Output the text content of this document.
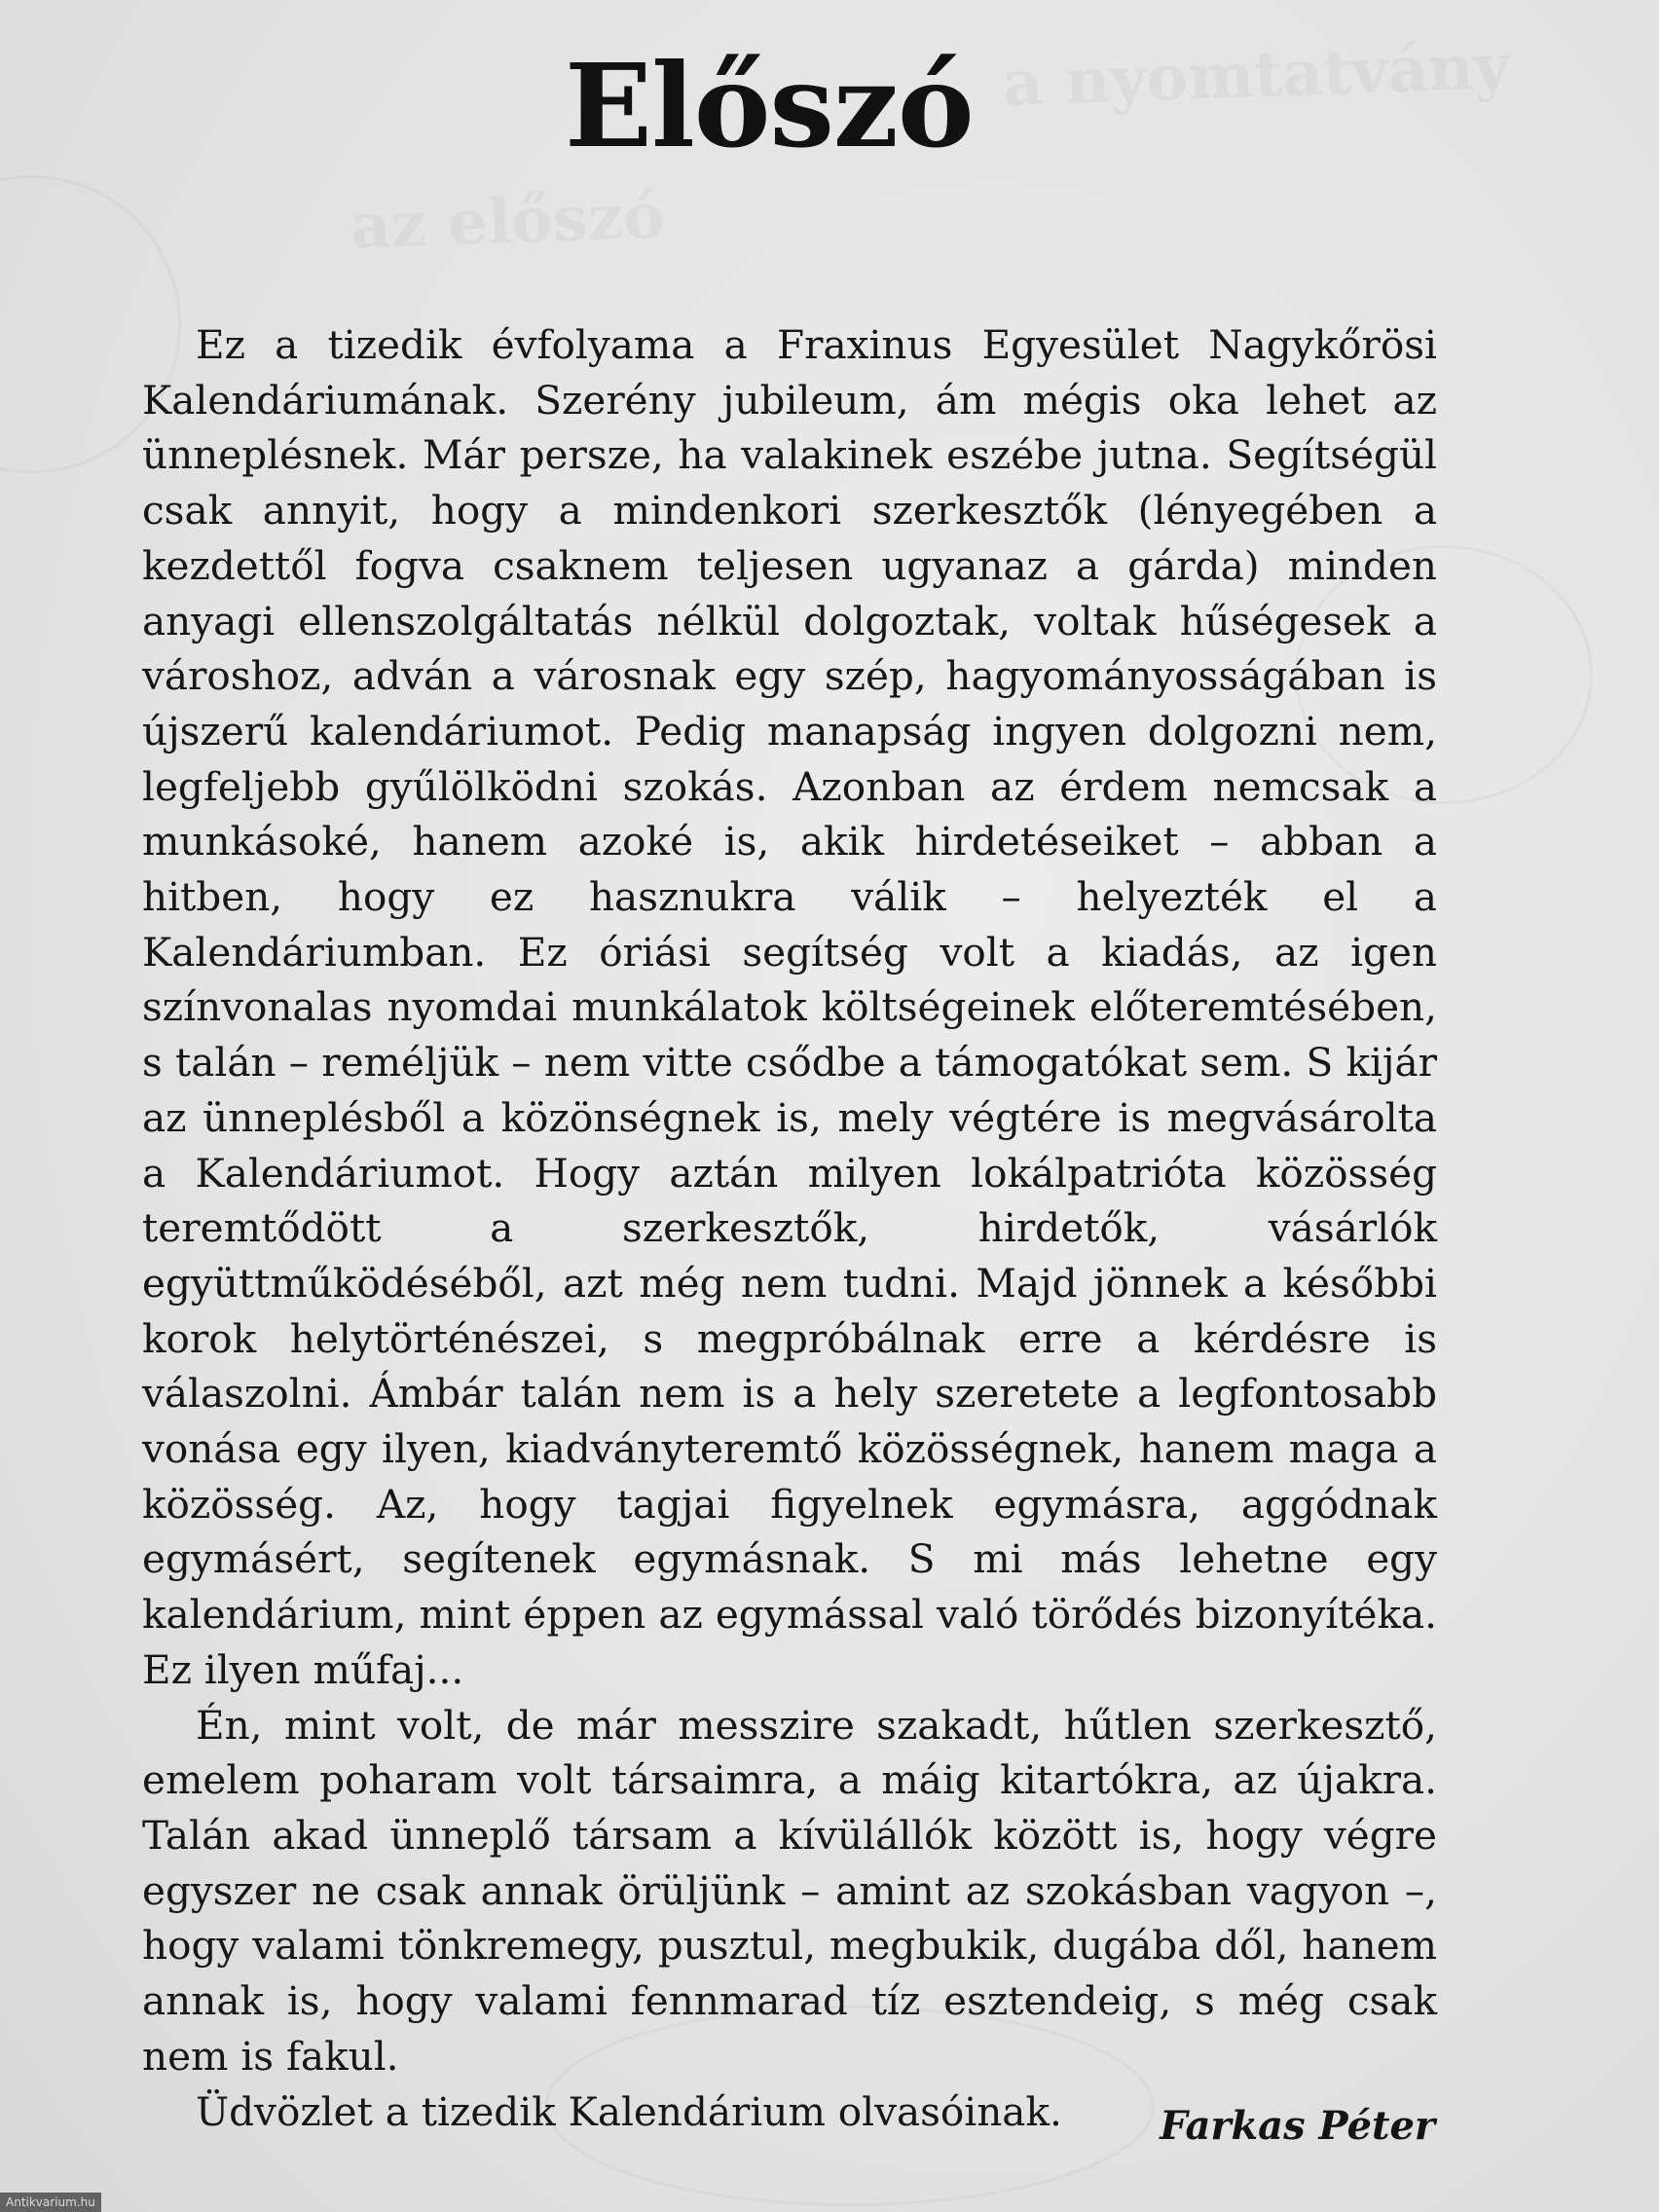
Előszó

Ez a tizedik évfolyama a Fraxinus Egyesület Nagykőrösi Kalendáriumának. Szerény jubileum, ám mégis oka lehet az ünneplésnek. Már persze, ha valakinek eszébe jutna. Segítségül csak annyit, hogy a mindenkori szerkesztők (lényegében a kezdettől fogva csaknem teljesen ugyanaz a gárda) minden anyagi ellenszolgáltatás nélkül dolgoztak, voltak hűségesek a városhoz, adván a városnak egy szép, hagyományosságában is újszerű kalendáriumot. Pedig manapság ingyen dolgozni nem, legfeljebb gyűlölködni szokás. Azonban az érdem nemcsak a munkásoké, hanem azoké is, akik hirdetéseiket – abban a hitben, hogy ez hasznukra válik – helyezték el a Kalendáriumban. Ez óriási segítség volt a kiadás, az igen színvonalas nyomdai munkálatok költségeinek előteremtésében, s talán – reméljük – nem vitte csődbe a támogatókat sem. S kijár az ünneplésből a közönségnek is, mely végtére is megvásárolta a Kalendáriumot. Hogy aztán milyen lokálpatrióta közösség teremtődött a szerkesztők, hirdetők, vásárlók együttműködéséből, azt még nem tudni. Majd jönnek a későbbi korok helytörténészei, s megpróbálnak erre a kérdésre is válaszolni. Ámbár talán nem is a hely szeretete a legfontosabb vonása egy ilyen, kiadványteremtő közösségnek, hanem maga a közösség. Az, hogy tagjai figyelnek egymásra, aggódnak egymásért, segítenek egymásnak. S mi más lehetne egy kalendárium, mint éppen az egymással való törődés bizonyítéka. Ez ilyen műfaj...

Én, mint volt, de már messzire szakadt, hűtlen szerkesztő, emelem poharam volt társaimra, a máig kitartókra, az újakra. Talán akad ünneplő társam a kívülállók között is, hogy végre egyszer ne csak annak örüljünk – amint az szokásban vagyon –, hogy valami tönkremegy, pusztul, megbukik, dugába dől, hanem annak is, hogy valami fennmarad tíz esztendeig, s még csak nem is fakul.

Üdvözlet a tizedik Kalendárium olvasóinak.	Farkas Péter

Antikvarium.hu
